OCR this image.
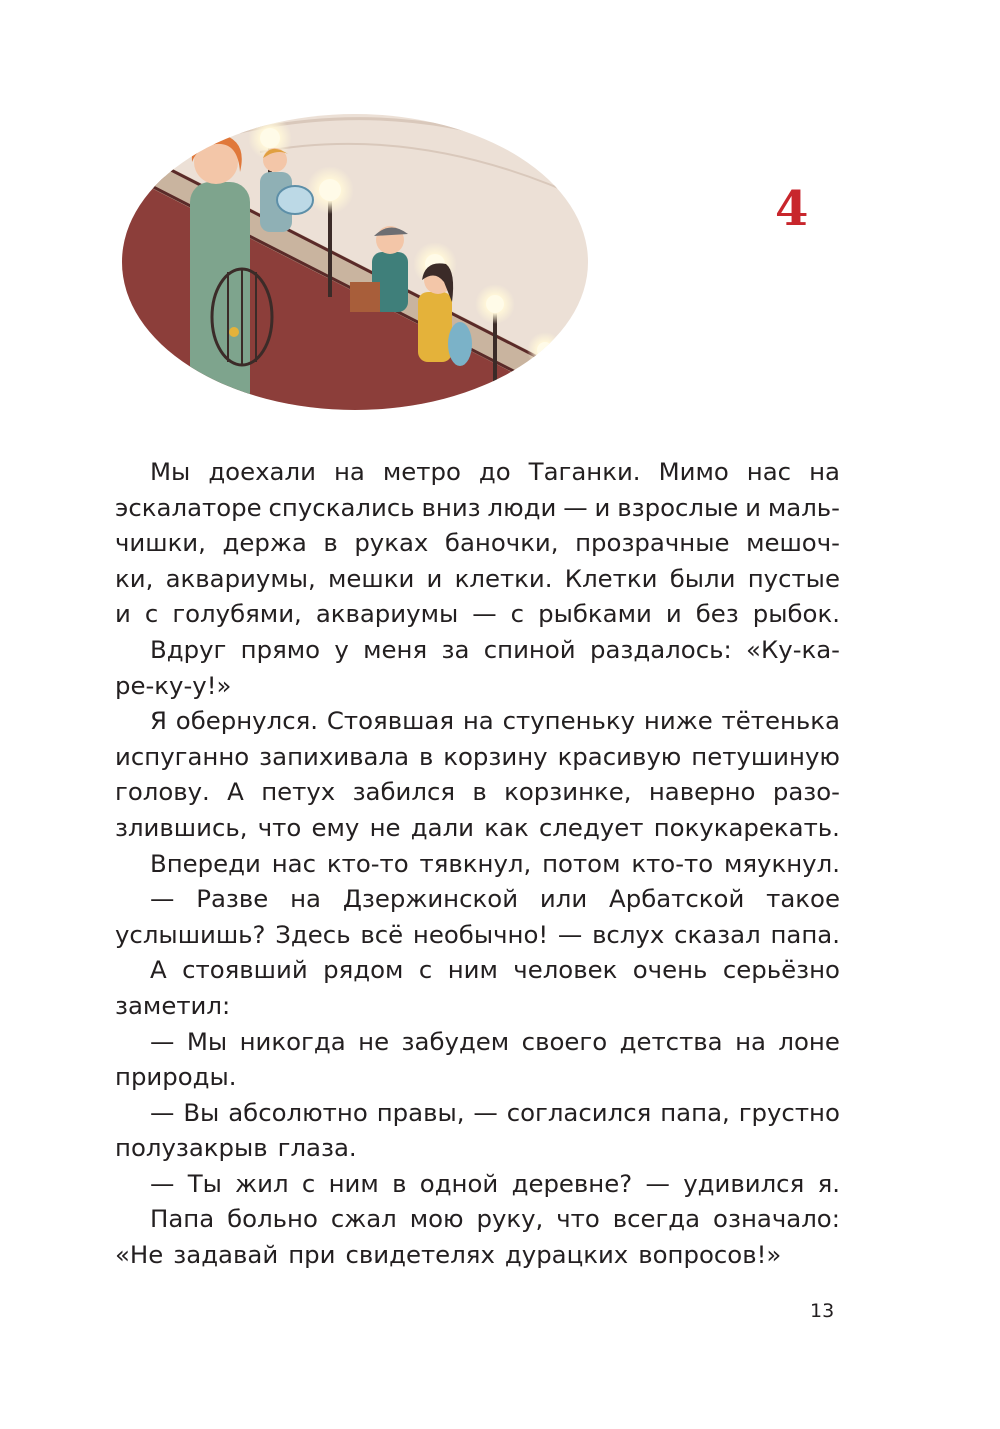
4
Мы доехали на метро до Таганки. Мимо нас на
эскалаторе спускались вниз люди — и взрослые и маль-
чишки, держа в руках баночки, прозрачные мешоч-
ки, аквариумы, мешки и клетки. Клетки были пустые
и с голубями, аквариумы — с рыбками и без рыбок.
Вдруг прямо у меня за спиной раздалось: «Ку-ка-
ре-ку-у!»
Я обернулся. Стоявшая на ступеньку ниже тётенька
испуганно запихивала в корзину красивую петушиную
голову. А петух забился в корзинке, наверно разо-
злившись, что ему не дали как следует покукарекать.
Впереди нас кто-то тявкнул, потом кто-то мяукнул.
— Разве на Дзержинской или Арбатской такое
услышишь? Здесь всё необычно! — вслух сказал папа.
А стоявший рядом с ним человек очень серьёзно
заметил:
— Мы никогда не забудем своего детства на лоне
природы.
— Вы абсолютно правы, — согласился папа, грустно
полузакрыв глаза.
— Ты жил с ним в одной деревне? — удивился я.
Папа больно сжал мою руку, что всегда означало:
«Не задавай при свидетелях дурацких вопросов!»
13
